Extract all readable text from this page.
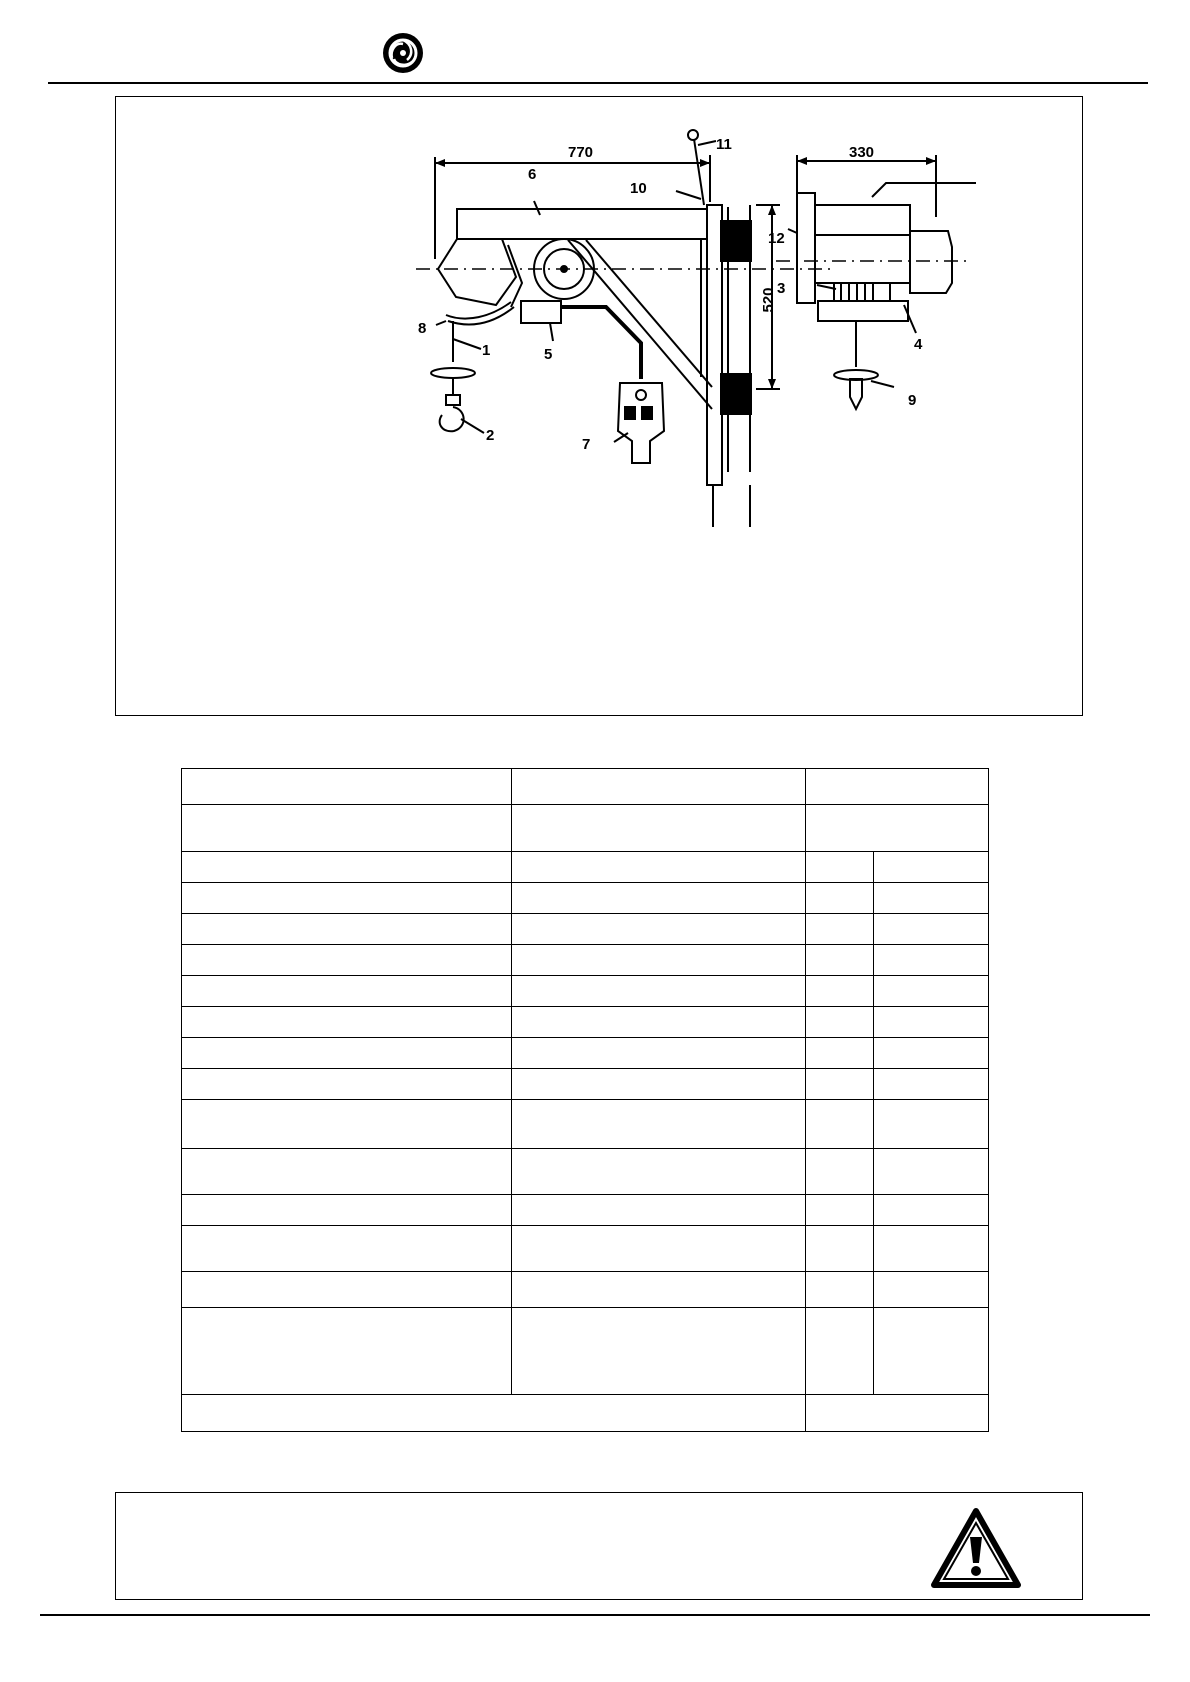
770	330
520
1
2
3
4
5
6
7
8
9
10
11
12
